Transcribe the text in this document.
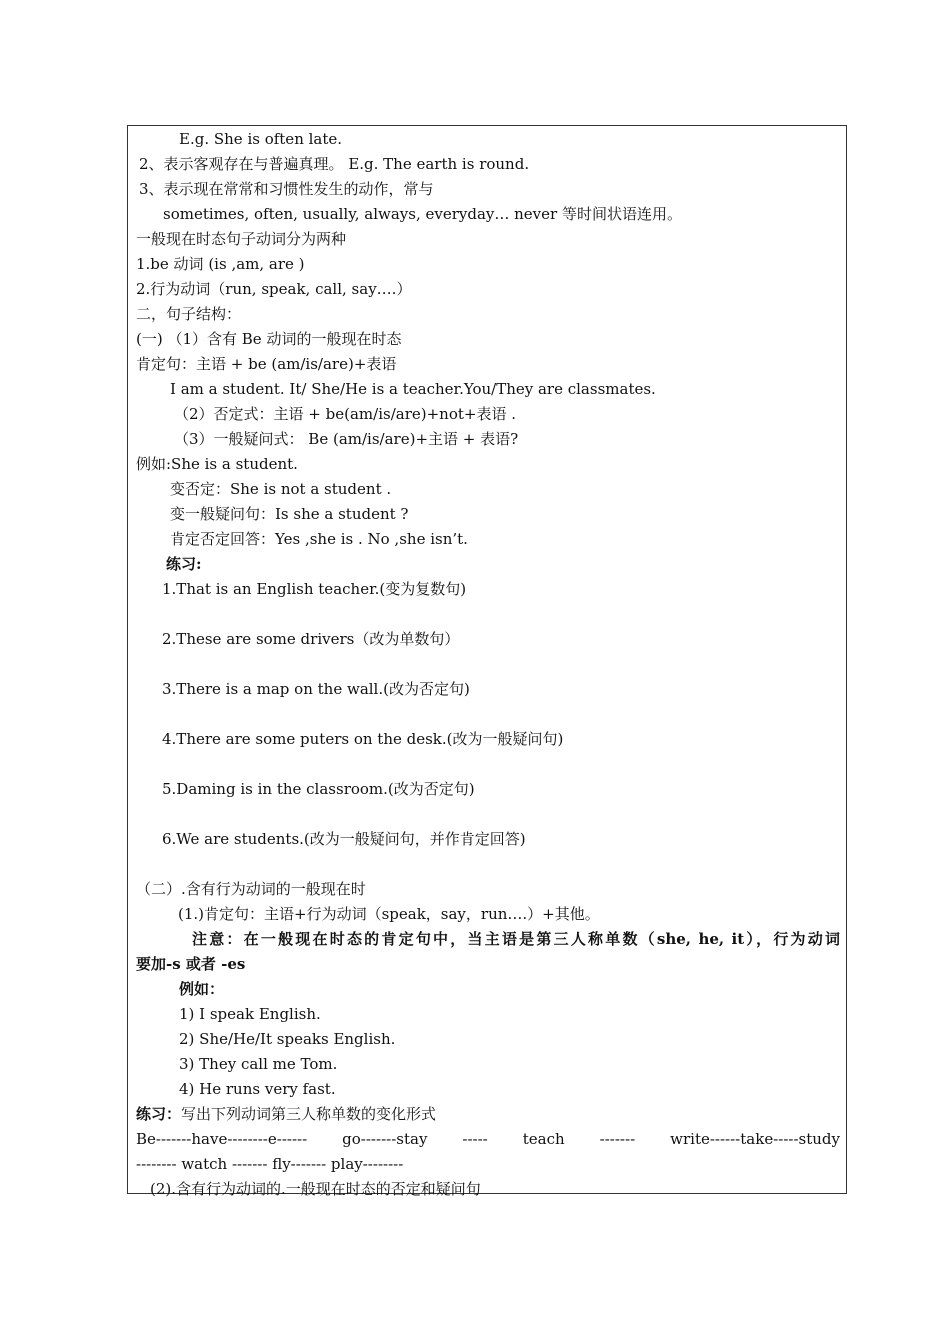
E.g. She is often late.
2、表示客观存在与普遍真理。 E.g. The earth is round.
3、表示现在常常和习惯性发生的动作，常与
sometimes, often, usually, always, everyday… never 等时间状语连用。
一般现在时态句子动词分为两种
1.be 动词 (is ,am, are )
2.行为动词（run, speak, call, say….）
二，句子结构：
(一) （1）含有 Be 动词的一般现在时态
肯定句：主语 + be (am/is/are)+表语
I am a student. It/ She/He is a teacher.You/They are classmates.
（2）否定式：主语 + be(am/is/are)+not+表语 .
（3）一般疑问式： Be (am/is/are)+主语 + 表语?
例如:She is a student.
变否定：She is not a student .
变一般疑问句：Is she a student ?
肯定否定回答：Yes ,she is . No ,she isn’t.
练习:
1.That is an English teacher.(变为复数句)
2.These are some drivers（改为单数句）
3.There is a map on the wall.(改为否定句)
4.There are some puters on the desk.(改为一般疑问句)
5.Daming is in the classroom.(改为否定句)
6.We are students.(改为一般疑问句，并作肯定回答)
（二）.含有行为动词的一般现在时
(1.)肯定句：主语+行为动词（speak，say，run….）+其他。
注意：在一般现在时态的肯定句中，当主语是第三人称单数（she, he, it），行为动词
要加-s 或者 -es
例如：
1) I speak English.
2) She/He/It speaks English.
3) They call me Tom.
4) He runs very fast.
练习：写出下列动词第三人称单数的变化形式
Be-------have--------e------ go-------stay ----- teach ------- write------take-----study
-------- watch ------- fly------- play--------
(2).含有行为动词的.一般现在时态的否定和疑问句
